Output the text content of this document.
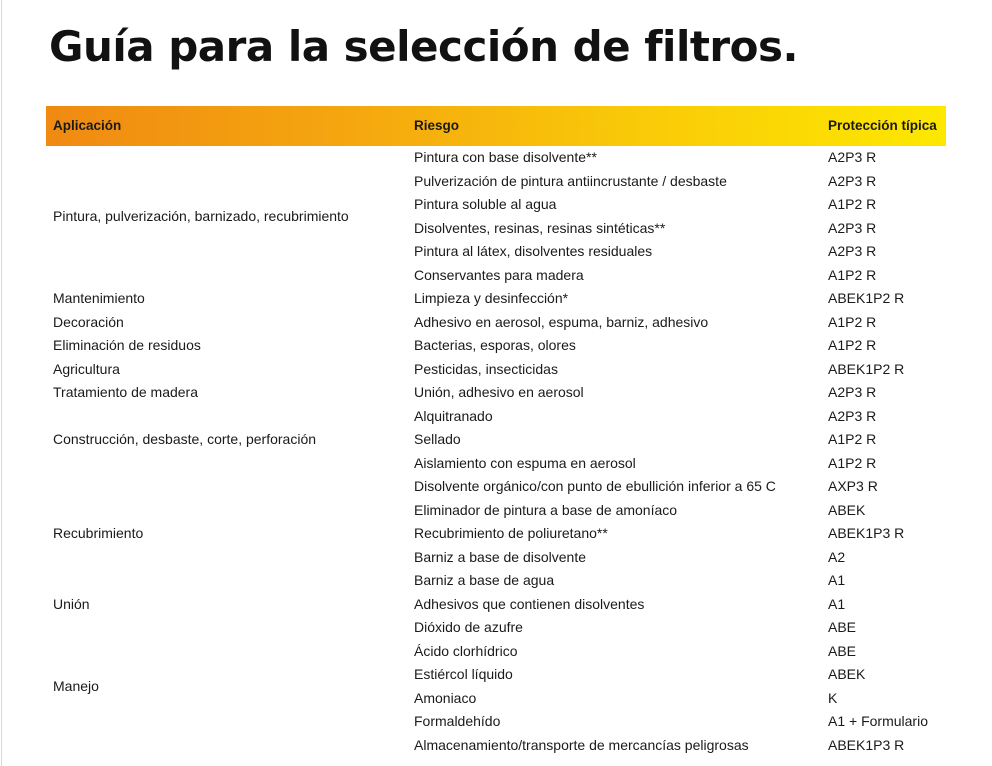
Guía para la selección de filtros.
Aplicación	Riesgo	Protección típica
Pintura, pulverización, barnizado, recubrimiento	Pintura con base disolvente**	A2P3 R
	Pulverización de pintura antiincrustante / desbaste	A2P3 R
	Pintura soluble al agua	A1P2 R
	Disolventes, resinas, resinas sintéticas**	A2P3 R
	Pintura al látex, disolventes residuales	A2P3 R
	Conservantes para madera	A1P2 R
Mantenimiento	Limpieza y desinfección*	ABEK1P2 R
Decoración	Adhesivo en aerosol, espuma, barniz, adhesivo	A1P2 R
Eliminación de residuos	Bacterias, esporas, olores	A1P2 R
Agricultura	Pesticidas, insecticidas	ABEK1P2 R
Tratamiento de madera	Unión, adhesivo en aerosol	A2P3 R
Construcción, desbaste, corte, perforación	Alquitranado	A2P3 R
	Sellado	A1P2 R
	Aislamiento con espuma en aerosol	A1P2 R
Recubrimiento	Disolvente orgánico/con punto de ebullición inferior a 65 C	AXP3 R
	Eliminador de pintura a base de amoníaco	ABEK
	Recubrimiento de poliuretano**	ABEK1P3 R
	Barniz a base de disolvente	A2
	Barniz a base de agua	A1
Unión	Adhesivos que contienen disolventes	A1
Manejo	Dióxido de azufre	ABE
	Ácido clorhídrico	ABE
	Estiércol líquido	ABEK
	Amoniaco	K
	Formaldehído	A1 + Formulario
	Almacenamiento/transporte de mercancías peligrosas	ABEK1P3 R
